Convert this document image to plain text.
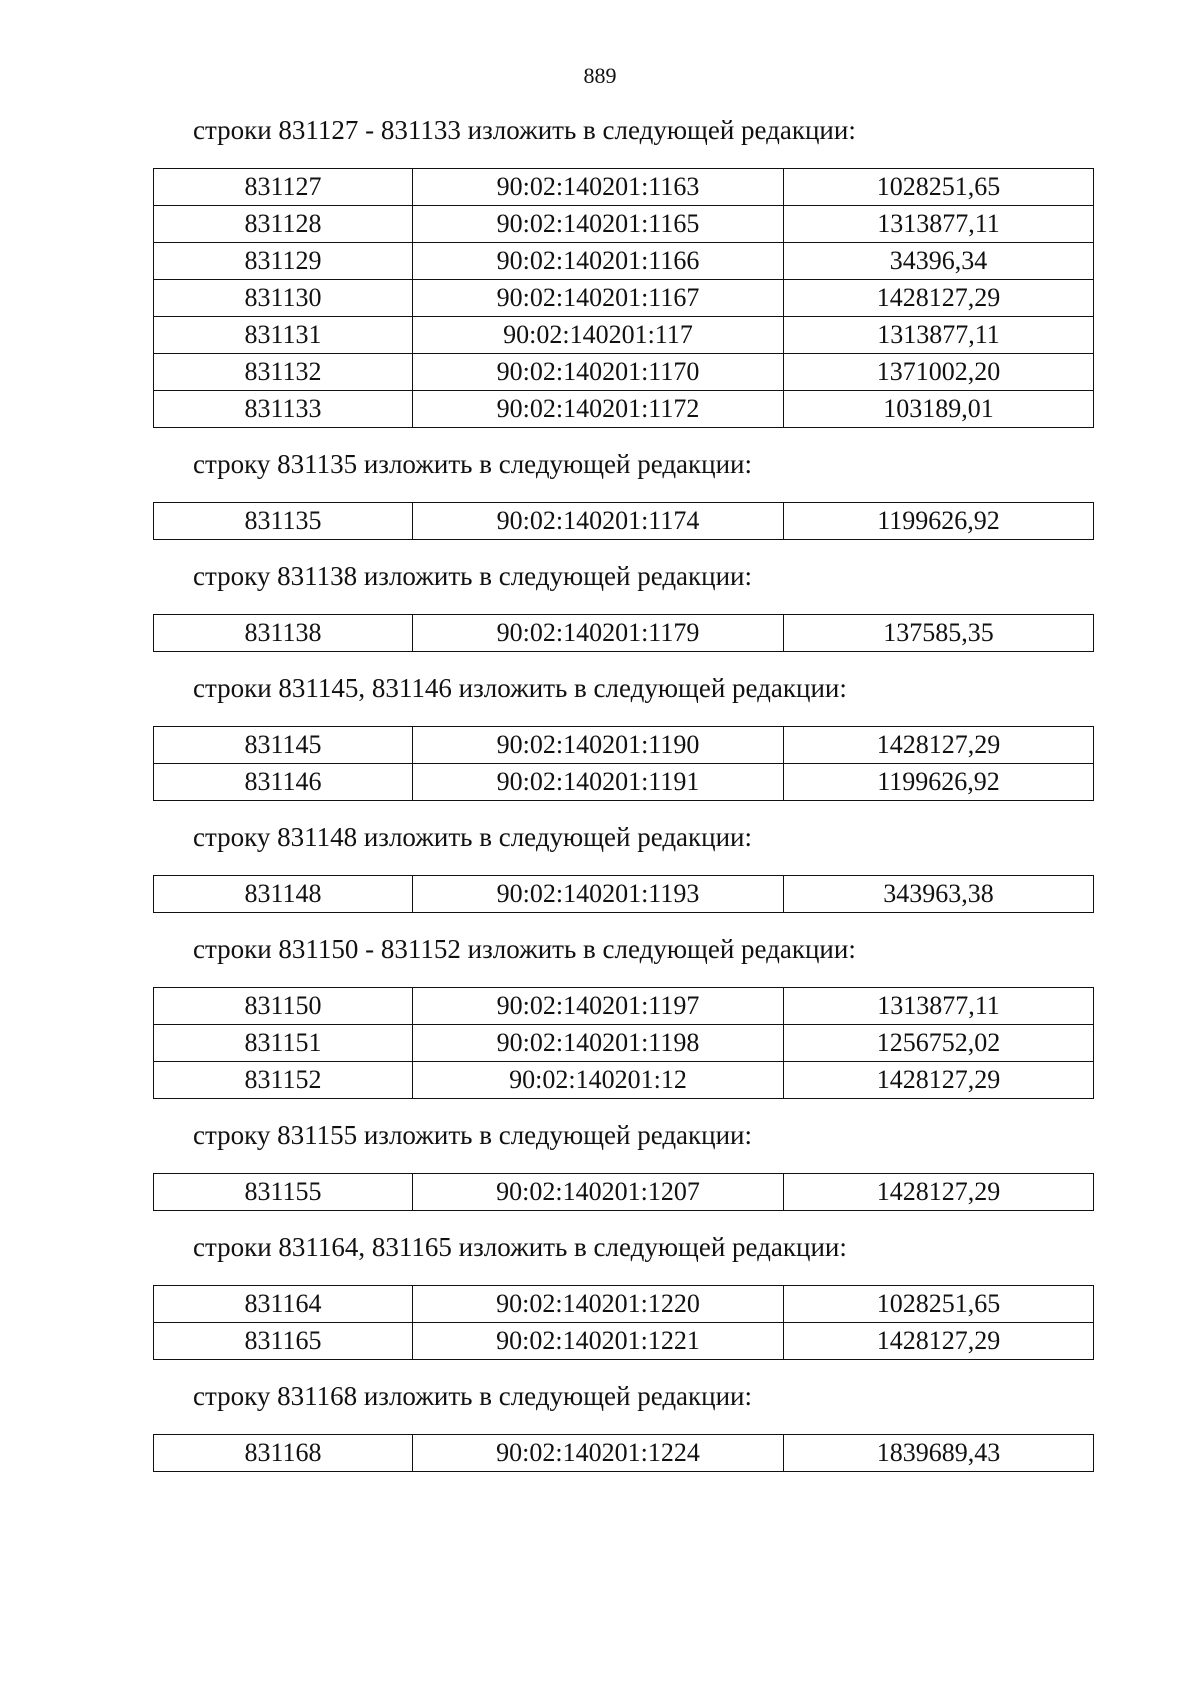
889

строки 831127 - 831133 изложить в следующей редакции:

831127	90:02:140201:1163	1028251,65
831128	90:02:140201:1165	1313877,11
831129	90:02:140201:1166	34396,34
831130	90:02:140201:1167	1428127,29
831131	90:02:140201:117	1313877,11
831132	90:02:140201:1170	1371002,20
831133	90:02:140201:1172	103189,01

строку 831135 изложить в следующей редакции:

831135	90:02:140201:1174	1199626,92

строку 831138 изложить в следующей редакции:

831138	90:02:140201:1179	137585,35

строки 831145, 831146 изложить в следующей редакции:

831145	90:02:140201:1190	1428127,29
831146	90:02:140201:1191	1199626,92

строку 831148 изложить в следующей редакции:

831148	90:02:140201:1193	343963,38

строки 831150 - 831152 изложить в следующей редакции:

831150	90:02:140201:1197	1313877,11
831151	90:02:140201:1198	1256752,02
831152	90:02:140201:12	1428127,29

строку 831155 изложить в следующей редакции:

831155	90:02:140201:1207	1428127,29

строки 831164, 831165 изложить в следующей редакции:

831164	90:02:140201:1220	1028251,65
831165	90:02:140201:1221	1428127,29

строку 831168 изложить в следующей редакции:

831168	90:02:140201:1224	1839689,43
